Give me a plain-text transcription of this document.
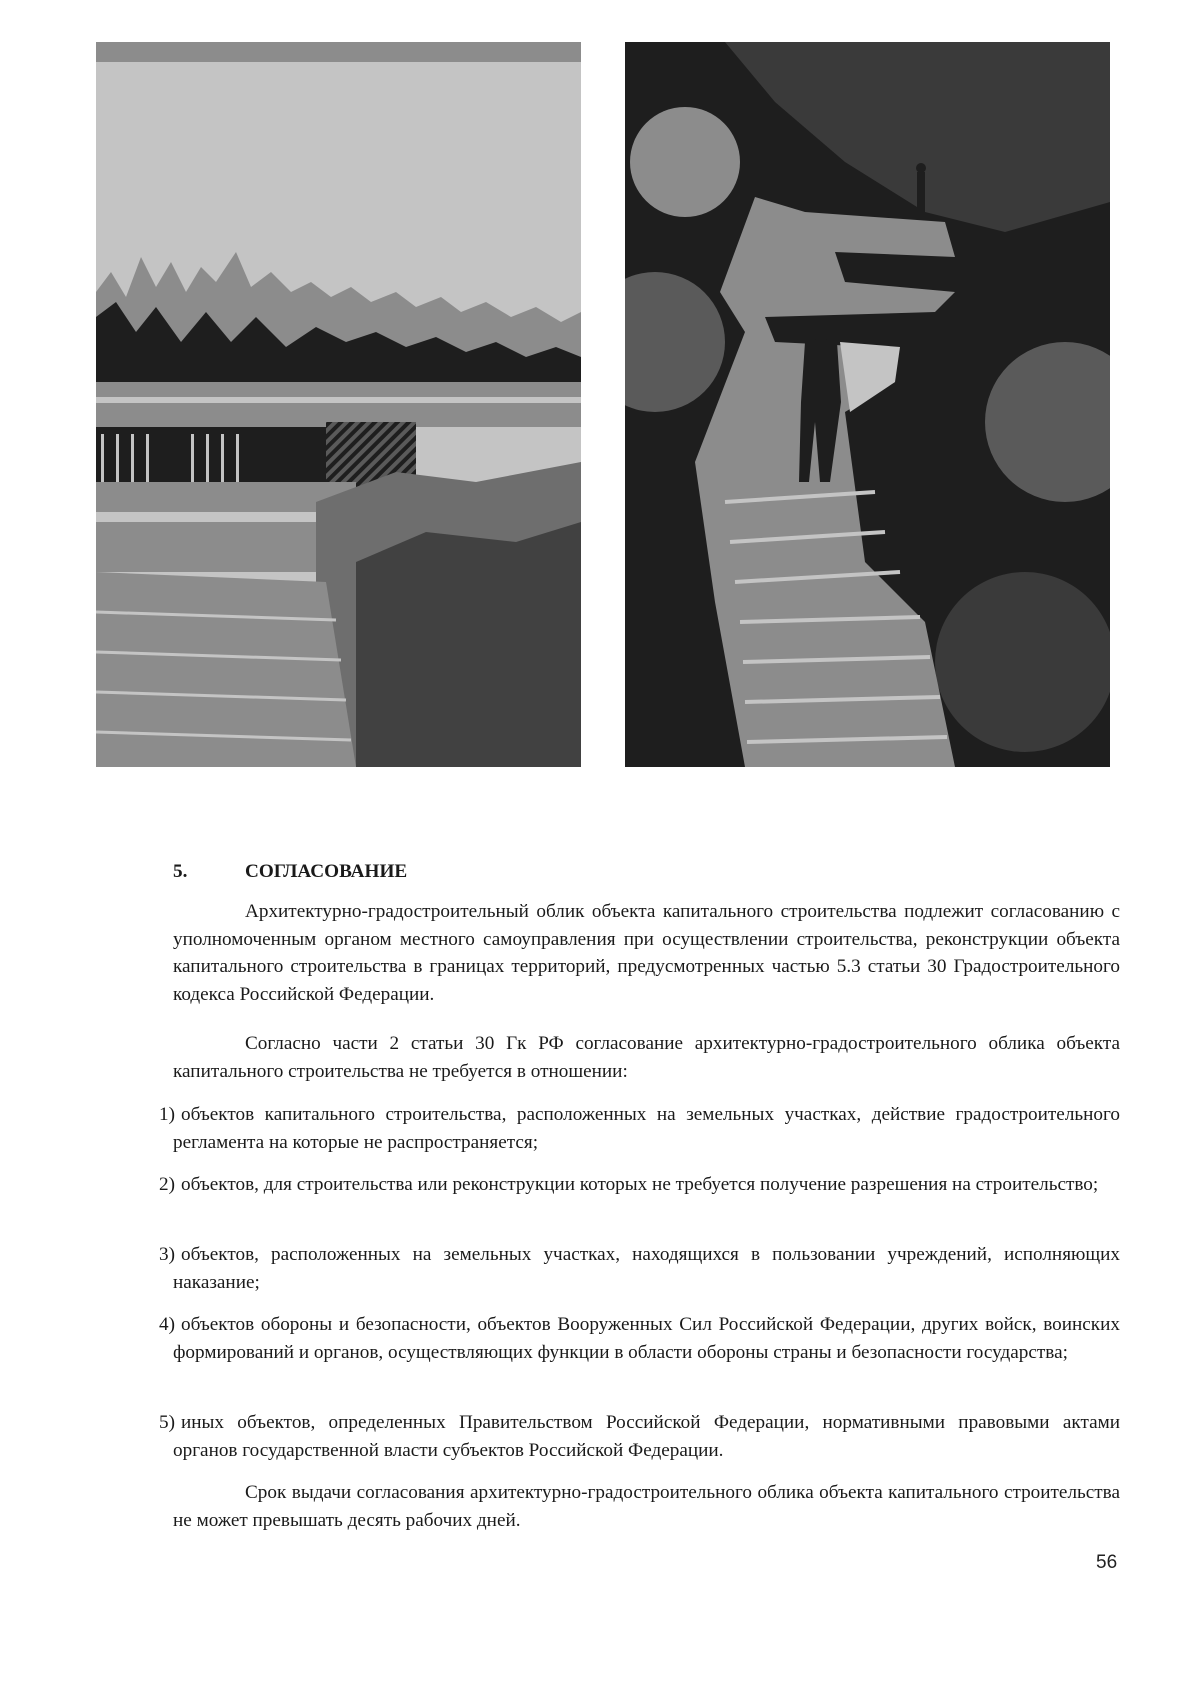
5.	СОГЛАСОВАНИЕ

Архитектурно-градостроительный облик объекта капитального строительства подлежит согласованию с уполномоченным органом местного самоуправления при осуществлении строительства, реконструкции объекта капитального строительства в границах территорий, предусмотренных частью 5.3 статьи 30 Градостроительного кодекса Российской Федерации.

Согласно части 2 статьи 30 Гк РФ согласование архитектурно-градостроительного облика объекта капитального строительства не требуется в отношении:

1) объектов капитального строительства, расположенных на земельных участках, действие градостроительного регламента на которые не распространяется;

2) объектов, для строительства или реконструкции которых не требуется получение разрешения на строительство;

3) объектов, расположенных на земельных участках, находящихся в пользовании учреждений, исполняющих наказание;

4) объектов обороны и безопасности, объектов Вооруженных Сил Российской Федерации, других войск, воинских формирований и органов, осуществляющих функции в области обороны страны и безопасности государства;

5) иных объектов, определенных Правительством Российской Федерации, нормативными правовыми актами органов государственной власти субъектов Российской Федерации.

Срок выдачи согласования архитектурно-градостроительного облика объекта капитального строительства не может превышать десять рабочих дней.

56
